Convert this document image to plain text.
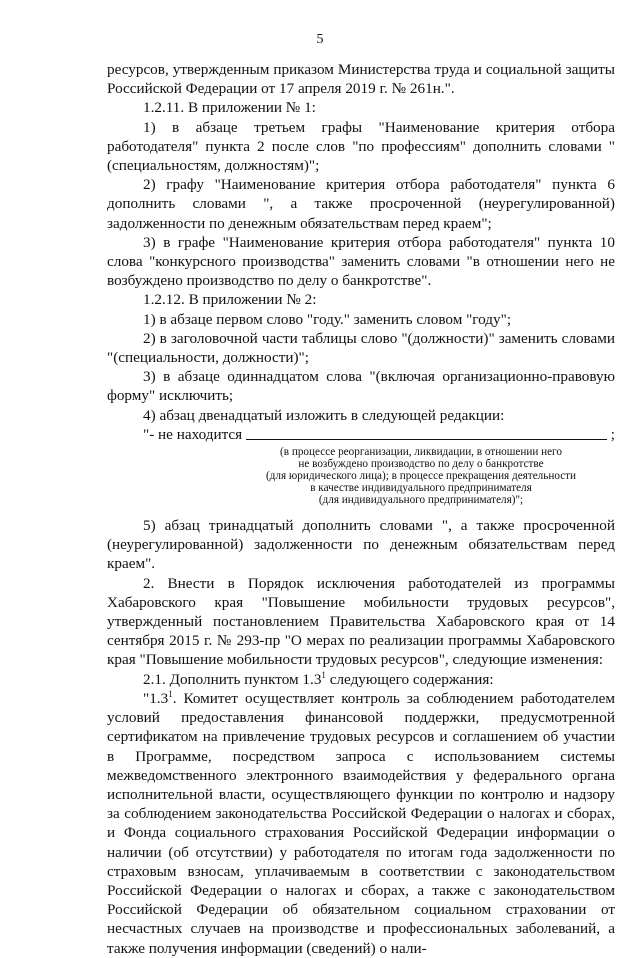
5

ресурсов, утвержденным приказом Министерства труда и социальной защиты Российской Федерации от 17 апреля 2019 г. № 261н.".

1.2.11. В приложении № 1:

1) в абзаце третьем графы "Наименование критерия отбора работодателя" пункта 2 после слов "по профессиям" дополнить словами "(специальностям, должностям)";

2) графу "Наименование критерия отбора работодателя" пункта 6 дополнить словами ", а также просроченной (неурегулированной) задолженности по денежным обязательствам перед краем";

3) в графе "Наименование критерия отбора работодателя" пункта 10 слова "конкурсного производства" заменить словами "в отношении него не возбуждено производство по делу о банкротстве".

1.2.12. В приложении № 2:

1) в абзаце первом слово "году." заменить словом "году";

2) в заголовочной части таблицы слово "(должности)" заменить словами "(специальности, должности)";

3) в абзаце одиннадцатом слова "(включая организационно-правовую форму" исключить;

4) абзац двенадцатый изложить в следующей редакции:

"- не находится	;

(в процессе реорганизации, ликвидации, в отношении него

не возбуждено производство по делу о банкротстве

(для юридического лица); в процессе прекращения деятельности

в качестве индивидуального предпринимателя

(для индивидуального предпринимателя)";

5) абзац тринадцатый дополнить словами ", а также просроченной (неурегулированной) задолженности по денежным обязательствам перед краем".

2. Внести в Порядок исключения работодателей из программы Хабаровского края "Повышение мобильности трудовых ресурсов", утвержденный постановлением Правительства Хабаровского края от 14 сентября 2015 г. № 293-пр "О мерах по реализации программы Хабаровского края "Повышение мобильности трудовых ресурсов", следующие изменения:

2.1. Дополнить пунктом $1.3^1$ следующего содержания:

"$1.3^1$. Комитет осуществляет контроль за соблюдением работодателем условий предоставления финансовой поддержки, предусмотренной сертификатом на привлечение трудовых ресурсов и соглашением об участии в Программе, посредством запроса с использованием системы межведомственного электронного взаимодействия у федерального органа исполнительной власти, осуществляющего функции по контролю и надзору за соблюдением законодательства Российской Федерации о налогах и сборах, и Фонда социального страхования Российской Федерации информации о наличии (об отсутствии) у работодателя по итогам года задолженности по страховым взносам, уплачиваемым в соответствии с законодательством Российской Федерации о налогах и сборах, а также с законодательством Российской Федерации об обязательном социальном страховании от несчастных случаев на производстве и профессиональных заболеваний, а также получения информации (сведений) о нали-
